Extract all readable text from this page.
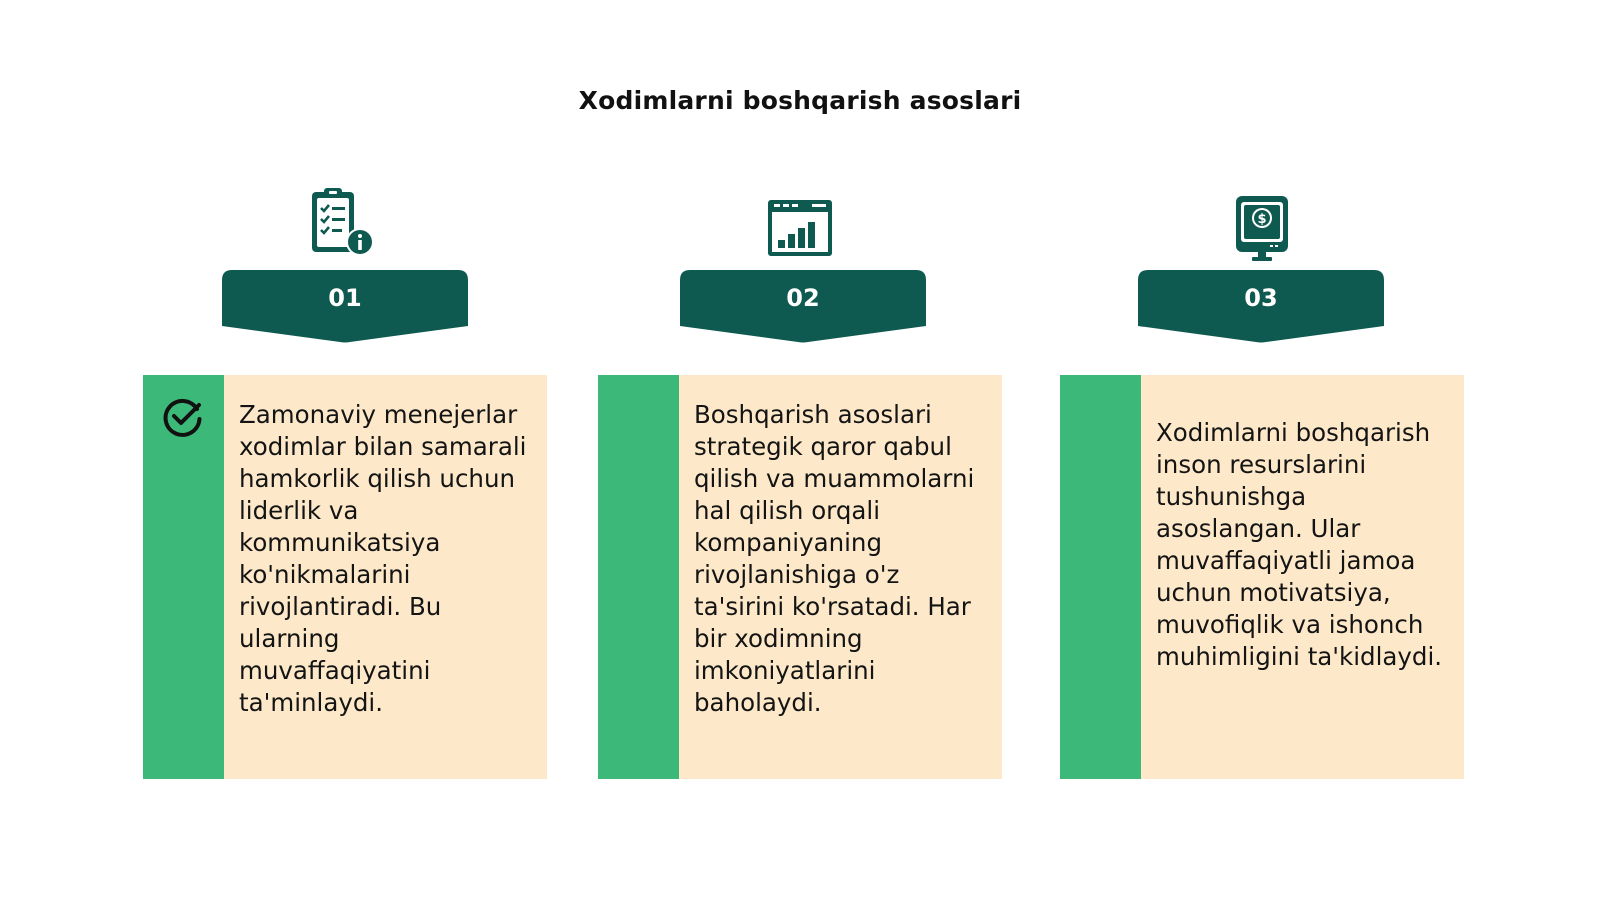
Xodimlarni boshqarish asoslari
01
Zamonaviy menejerlar xodimlar bilan samarali hamkorlik qilish uchun liderlik va kommunikatsiya ko'nikmalarini rivojlantiradi. Bu ularning muvaffaqiyatini ta'minlaydi.
02
Boshqarish asoslari strategik qaror qabul qilish va muammolarni hal qilish orqali kompaniyaning rivojlanishiga o'z ta'sirini ko'rsatadi. Har bir xodimning imkoniyatlarini baholaydi.
$
03
Xodimlarni boshqarish inson resurslarini tushunishga asoslangan. Ular muvaffaqiyatli jamoa uchun motivatsiya, muvofiqlik va ishonch muhimligini ta'kidlaydi.
